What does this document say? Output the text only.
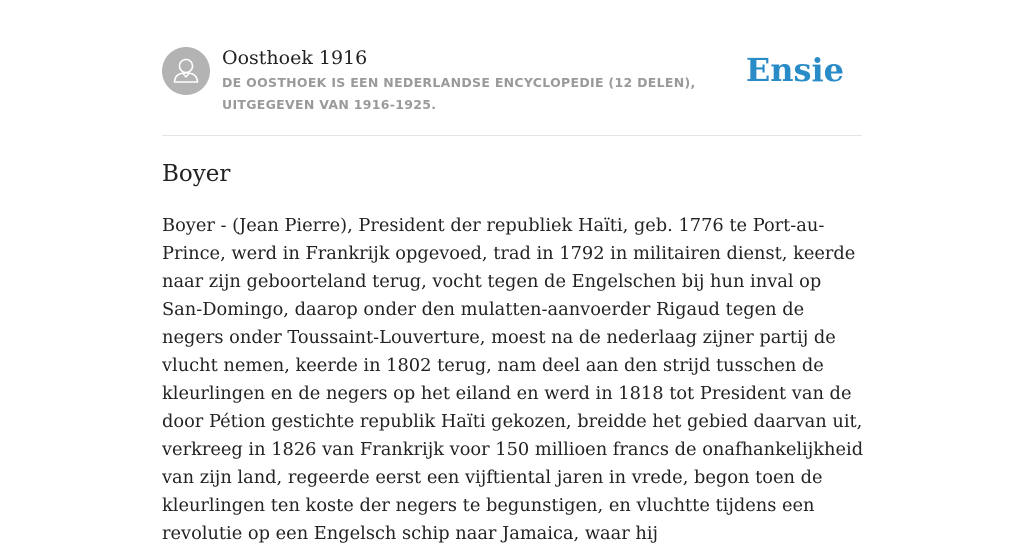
Oosthoek 1916

DE OOSTHOEK IS EEN NEDERLANDSE ENCYCLOPEDIE (12 DELEN), UITGEGEVEN VAN 1916-1925.

Ensie
Boyer

Boyer - (Jean Pierre), President der republiek Haïti, geb. 1776 te Port-au-Prince, werd in Frankrijk opgevoed, trad in 1792 in militairen dienst, keerde naar zijn geboorteland terug, vocht tegen de Engelschen bij hun inval op San-Domingo, daarop onder den mulatten-aanvoerder Rigaud tegen de negers onder Toussaint-Louverture, moest na de nederlaag zijner partij de vlucht nemen, keerde in 1802 terug, nam deel aan den strijd tusschen de kleurlingen en de negers op het eiland en werd in 1818 tot President van de door Pétion gestichte republik Haïti gekozen, breidde het gebied daarvan uit, verkreeg in 1826 van Frankrijk voor 150 millioen francs de onafhankelijkheid van zijn land, regeerde eerst een vijftiental jaren in vrede, begon toen de kleurlingen ten koste der negers te begunstigen, en vluchtte tijdens een revolutie op een Engelsch schip naar Jamaica, waar hij
